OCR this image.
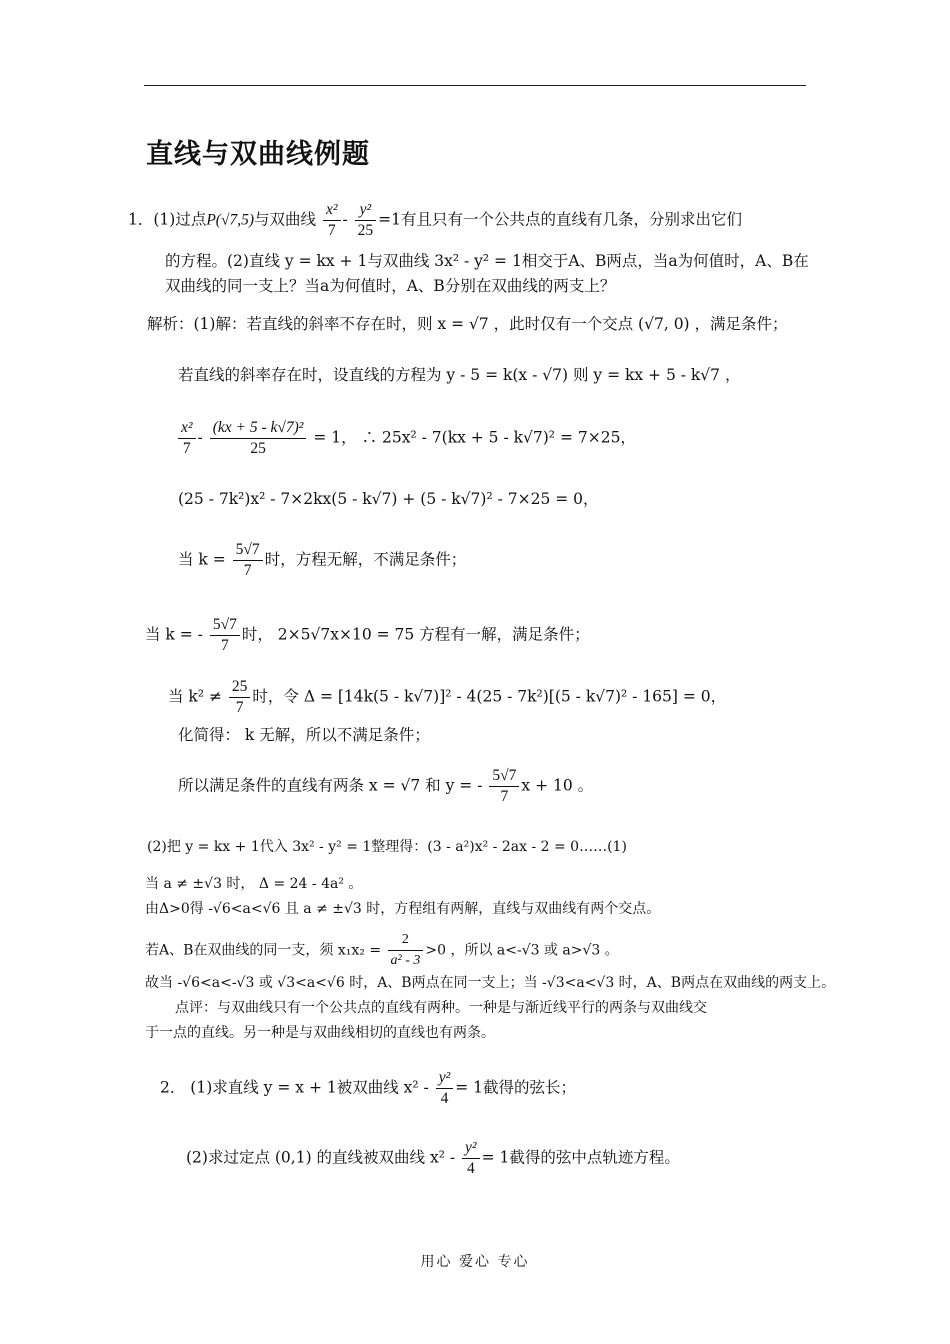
直线与双曲线例题
1．(1)过点P(√7,5)与双曲线 $\frac{\text{x²}}{7} - \frac{\text{y²}}{25} =1$有且只有一个公共点的直线有几条，分别求出它们
的方程。(2)直线 y = kx + 1与双曲线 3x² - y² = 1相交于A、B两点，当a为何值时，A、B在
双曲线的同一支上？当a为何值时，A、B分别在双曲线的两支上？
解析：(1)解：若直线的斜率不存在时，则 x = √7 ，此时仅有一个交点 (√7, 0) ，满足条件；
若直线的斜率存在时，设直线的方程为 y - 5 = k(x - √7) 则 y = kx + 5 - k√7 ，
$\frac{\text{x²}}{7} - \frac{\text{(kx + 5 - k√7)²}}{25} = 1$， ∴ 25x² - 7(kx + 5 - k√7)² = 7×25，
(25 - 7k²)x² - 7×2kx(5 - k√7) + (5 - k√7)² - 7×25 = 0，
当 $k = \frac{5√7}{7}$ 时，方程无解，不满足条件；
当 k = - $\frac{5√7}{7}$ 时， 2×5√7x×10 = 75 方程有一解，满足条件；
当 $k^2 \ne \frac{25}{7}$ 时，令 Δ = [14k(5 - k√7)]² - 4(25 - 7k²)[(5 - k√7)² - 165] = 0，
化简得： k 无解，所以不满足条件；
所以满足条件的直线有两条 x = √7 和 y = - $\frac{5√7}{7}$ x + 10 。
(2)把 y = kx + 1代入 3x² - y² = 1整理得：(3 - a²)x² - 2ax - 2 = 0……(1)
当 a ≠ ±√3 时， Δ = 24 - 4a² 。
由Δ>0得 -√6<a<√6 且 a ≠ ±√3 时，方程组有两解，直线与双曲线有两个交点。
若A、B在双曲线的同一支，须 $x_1x_2 = \frac{2}{\text{a² - 3}} >0$ ，所以 a<-√3 或 a>√3 。
故当 -√6<a<-√3 或 √3<a<√6 时，A、B两点在同一支上；当 -√3<a<√3 时，A、B两点在双曲线的两支上。
点评：与双曲线只有一个公共点的直线有两种。一种是与渐近线平行的两条与双曲线交
于一点的直线。另一种是与双曲线相切的直线也有两条。
2． (1)求直线 y = x + 1被双曲线 $x^2 - \frac{\text{y²}}{4} = 1$截得的弦长；
(2)求过定点 (0,1) 的直线被双曲线 $x^2 - \frac{\text{y²}}{4} = 1$截得的弦中点轨迹方程。
用心 爱心 专心
